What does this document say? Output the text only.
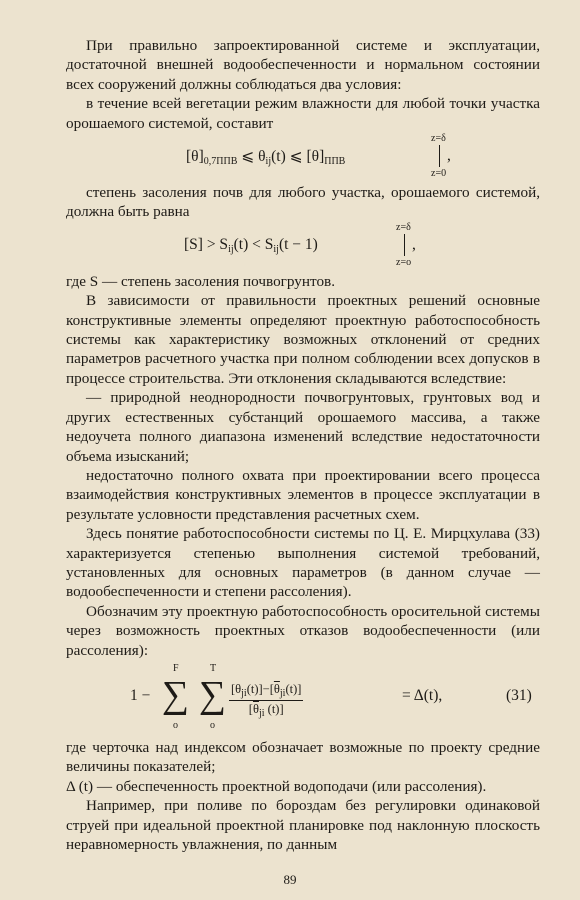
При правильно запроектированной системе и эксплуатации, достаточной внешней водообеспеченности и нормальном состоянии всех сооружений должны соблюдаться два условия:

в течение всей вегетации режим влажности для любой точки участка орошаемого системой, составит

$[\theta]_{0,7ППВ}$ ⩽ $\theta_{ij}(t)$ ⩽ $[\theta]_{ППВ}$
z=δ
z=0
,

степень засоления почв для любого участка, орошаемого системой, должна быть равна

$[S] > S_{ij}(t) < S_{ij}(t - 1)$
z=δ
z=o
,

где S — степень засоления почвогрунтов.

В зависимости от правильности проектных решений основные конструктивные элементы определяют проектную работоспособность системы как характеристику возможных отклонений от средних параметров расчетного участка при полном соблюдении всех допусков в процессе строительства. Эти отклонения складываются вследствие:

— природной неоднородности почвогрунтовых, грунтовых вод и других естественных субстанций орошаемого массива, а также недоучета полного диапазона изменений вследствие недостаточности объема изысканий;

недостаточно полного охвата при проектировании всего процесса взаимодействия конструктивных элементов в процессе эксплуатации в результате условности представления расчетных схем.

Здесь понятие работоспособности системы по Ц. Е. Мирцхулава (33) характеризуется степенью выполнения системой требований, установленных для основных параметров (в данном случае — водообеспеченности и степени рассоления).

Обозначим эту проектную работоспособность оросительной системы через возможность проектных отказов водообеспеченности (или рассоления):

1 −
F
∑
o
T
∑
o
$[\theta_{ji}(t)]-[\overline{\theta}_{ji}(t)]$
[$\overline{\theta}_{ji}$ (t)]
= Δ(t),	(31)

где черточка над индексом обозначает возможные по проекту средние величины показателей;

Δ (t) — обеспеченность проектной водоподачи (или рассоления).

Например, при поливе по бороздам без регулировки одинаковой струей при идеальной проектной планировке под наклонную плоскость неравномерность увлажнения, по данным

89
